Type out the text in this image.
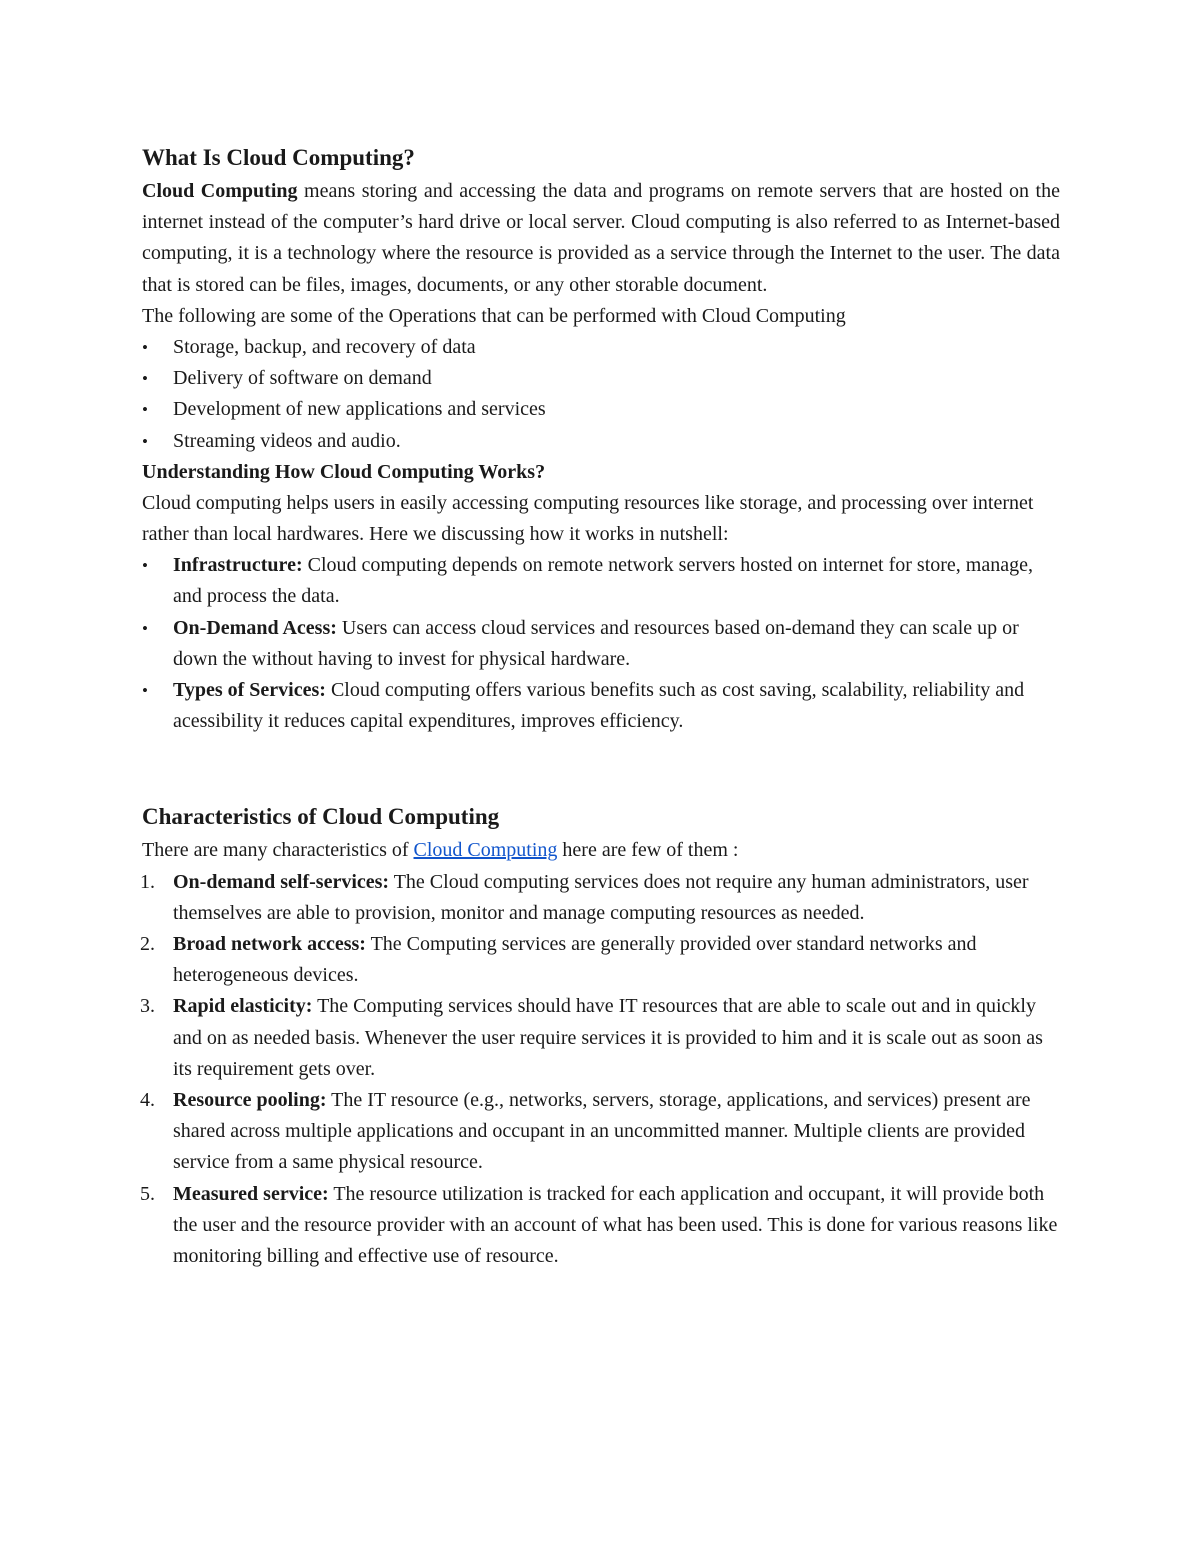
What Is Cloud Computing?

Cloud Computing means storing and accessing the data and programs on remote servers that are hosted on the internet instead of the computer’s hard drive or local server. Cloud computing is also referred to as Internet-based computing, it is a technology where the resource is provided as a service through the Internet to the user. The data that is stored can be files, images, documents, or any other storable document.

The following are some of the Operations that can be performed with Cloud Computing

•	Storage, backup, and recovery of data
•	Delivery of software on demand
•	Development of new applications and services
•	Streaming videos and audio.
Understanding How Cloud Computing Works?

Cloud computing helps users in easily accessing computing resources like storage, and processing over internet rather than local hardwares. Here we discussing how it works in nutshell:

•	Infrastructure: Cloud computing depends on remote network servers hosted on internet for store, manage, and process the data.
•	On-Demand Acess: Users can access cloud services and resources based on-demand they can scale up or down the without having to invest for physical hardware.
•	Types of Services: Cloud computing offers various benefits such as cost saving, scalability, reliability and acessibility it reduces capital expenditures, improves efficiency.
Characteristics of Cloud Computing

There are many characteristics of Cloud Computing here are few of them :

1. On-demand self-services: The Cloud computing services does not require any human administrators, user themselves are able to provision, monitor and manage computing resources as needed.
2. Broad network access: The Computing services are generally provided over standard networks and heterogeneous devices.
3. Rapid elasticity: The Computing services should have IT resources that are able to scale out and in quickly and on as needed basis. Whenever the user require services it is provided to him and it is scale out as soon as its requirement gets over.
4. Resource pooling: The IT resource (e.g., networks, servers, storage, applications, and services) present are shared across multiple applications and occupant in an uncommitted manner. Multiple clients are provided service from a same physical resource.
5. Measured service: The resource utilization is tracked for each application and occupant, it will provide both the user and the resource provider with an account of what has been used. This is done for various reasons like monitoring billing and effective use of resource.
